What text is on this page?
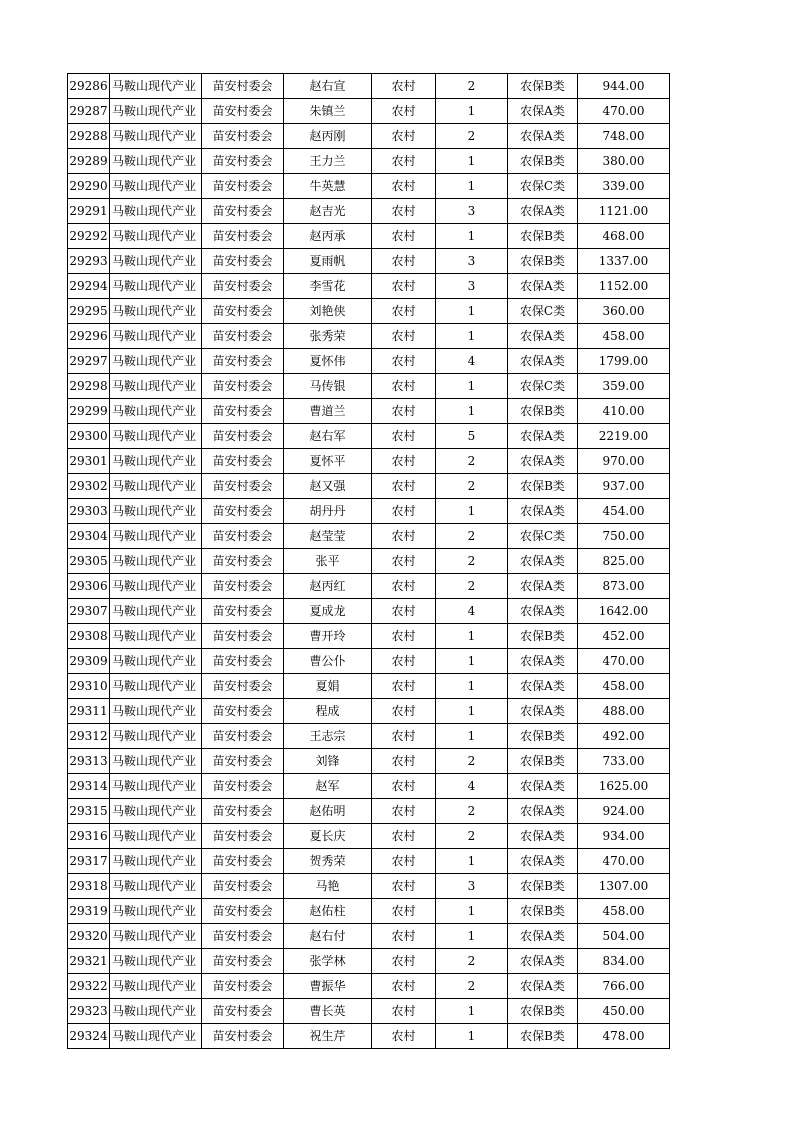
29286	马鞍山现代产业	苗安村委会	赵右宣	农村	2	农保B类	944.00
29287	马鞍山现代产业	苗安村委会	朱镇兰	农村	1	农保A类	470.00
29288	马鞍山现代产业	苗安村委会	赵丙刚	农村	2	农保A类	748.00
29289	马鞍山现代产业	苗安村委会	王力兰	农村	1	农保B类	380.00
29290	马鞍山现代产业	苗安村委会	牛英慧	农村	1	农保C类	339.00
29291	马鞍山现代产业	苗安村委会	赵吉光	农村	3	农保A类	1121.00
29292	马鞍山现代产业	苗安村委会	赵丙承	农村	1	农保B类	468.00
29293	马鞍山现代产业	苗安村委会	夏雨帆	农村	3	农保B类	1337.00
29294	马鞍山现代产业	苗安村委会	李雪花	农村	3	农保A类	1152.00
29295	马鞍山现代产业	苗安村委会	刘艳侠	农村	1	农保C类	360.00
29296	马鞍山现代产业	苗安村委会	张秀荣	农村	1	农保A类	458.00
29297	马鞍山现代产业	苗安村委会	夏怀伟	农村	4	农保A类	1799.00
29298	马鞍山现代产业	苗安村委会	马传银	农村	1	农保C类	359.00
29299	马鞍山现代产业	苗安村委会	曹道兰	农村	1	农保B类	410.00
29300	马鞍山现代产业	苗安村委会	赵右军	农村	5	农保A类	2219.00
29301	马鞍山现代产业	苗安村委会	夏怀平	农村	2	农保A类	970.00
29302	马鞍山现代产业	苗安村委会	赵又强	农村	2	农保B类	937.00
29303	马鞍山现代产业	苗安村委会	胡丹丹	农村	1	农保A类	454.00
29304	马鞍山现代产业	苗安村委会	赵莹莹	农村	2	农保C类	750.00
29305	马鞍山现代产业	苗安村委会	张平	农村	2	农保A类	825.00
29306	马鞍山现代产业	苗安村委会	赵丙红	农村	2	农保A类	873.00
29307	马鞍山现代产业	苗安村委会	夏成龙	农村	4	农保A类	1642.00
29308	马鞍山现代产业	苗安村委会	曹开玲	农村	1	农保B类	452.00
29309	马鞍山现代产业	苗安村委会	曹公仆	农村	1	农保A类	470.00
29310	马鞍山现代产业	苗安村委会	夏娟	农村	1	农保A类	458.00
29311	马鞍山现代产业	苗安村委会	程成	农村	1	农保A类	488.00
29312	马鞍山现代产业	苗安村委会	王志宗	农村	1	农保B类	492.00
29313	马鞍山现代产业	苗安村委会	刘锋	农村	2	农保B类	733.00
29314	马鞍山现代产业	苗安村委会	赵军	农村	4	农保A类	1625.00
29315	马鞍山现代产业	苗安村委会	赵佑明	农村	2	农保A类	924.00
29316	马鞍山现代产业	苗安村委会	夏长庆	农村	2	农保A类	934.00
29317	马鞍山现代产业	苗安村委会	贺秀荣	农村	1	农保A类	470.00
29318	马鞍山现代产业	苗安村委会	马艳	农村	3	农保B类	1307.00
29319	马鞍山现代产业	苗安村委会	赵佑柱	农村	1	农保B类	458.00
29320	马鞍山现代产业	苗安村委会	赵右付	农村	1	农保A类	504.00
29321	马鞍山现代产业	苗安村委会	张学林	农村	2	农保A类	834.00
29322	马鞍山现代产业	苗安村委会	曹振华	农村	2	农保A类	766.00
29323	马鞍山现代产业	苗安村委会	曹长英	农村	1	农保B类	450.00
29324	马鞍山现代产业	苗安村委会	祝生芹	农村	1	农保B类	478.00
